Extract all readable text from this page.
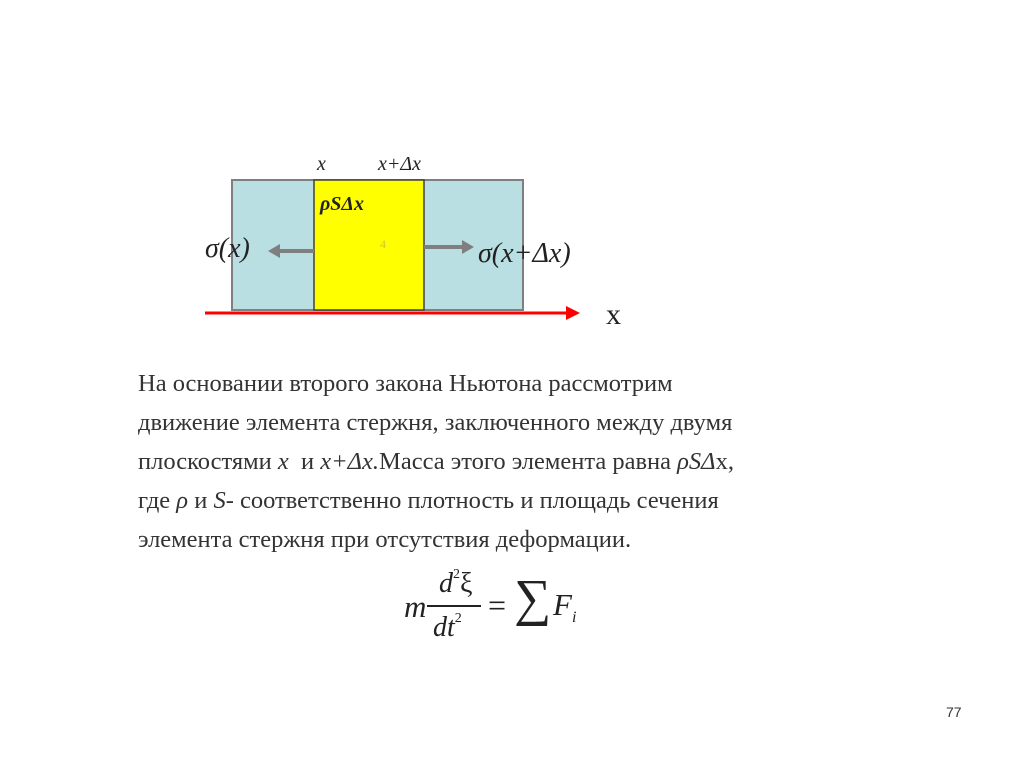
x	x+Δx
ρSΔx
4
σ(x)	σ(x+Δx)
x
На основании второго закона Ньютона рассмотрим
движение элемента стержня, заключенного между двумя
плоскостями x  и x+Δx.Масса этого элемента равна ρSΔx,
где ρ и S- соответственно плотность и площадь сечения
элемента стержня при отсутствия деформации.
m
$d^2\xi$
$dt^2$ = ∑ F i
77
